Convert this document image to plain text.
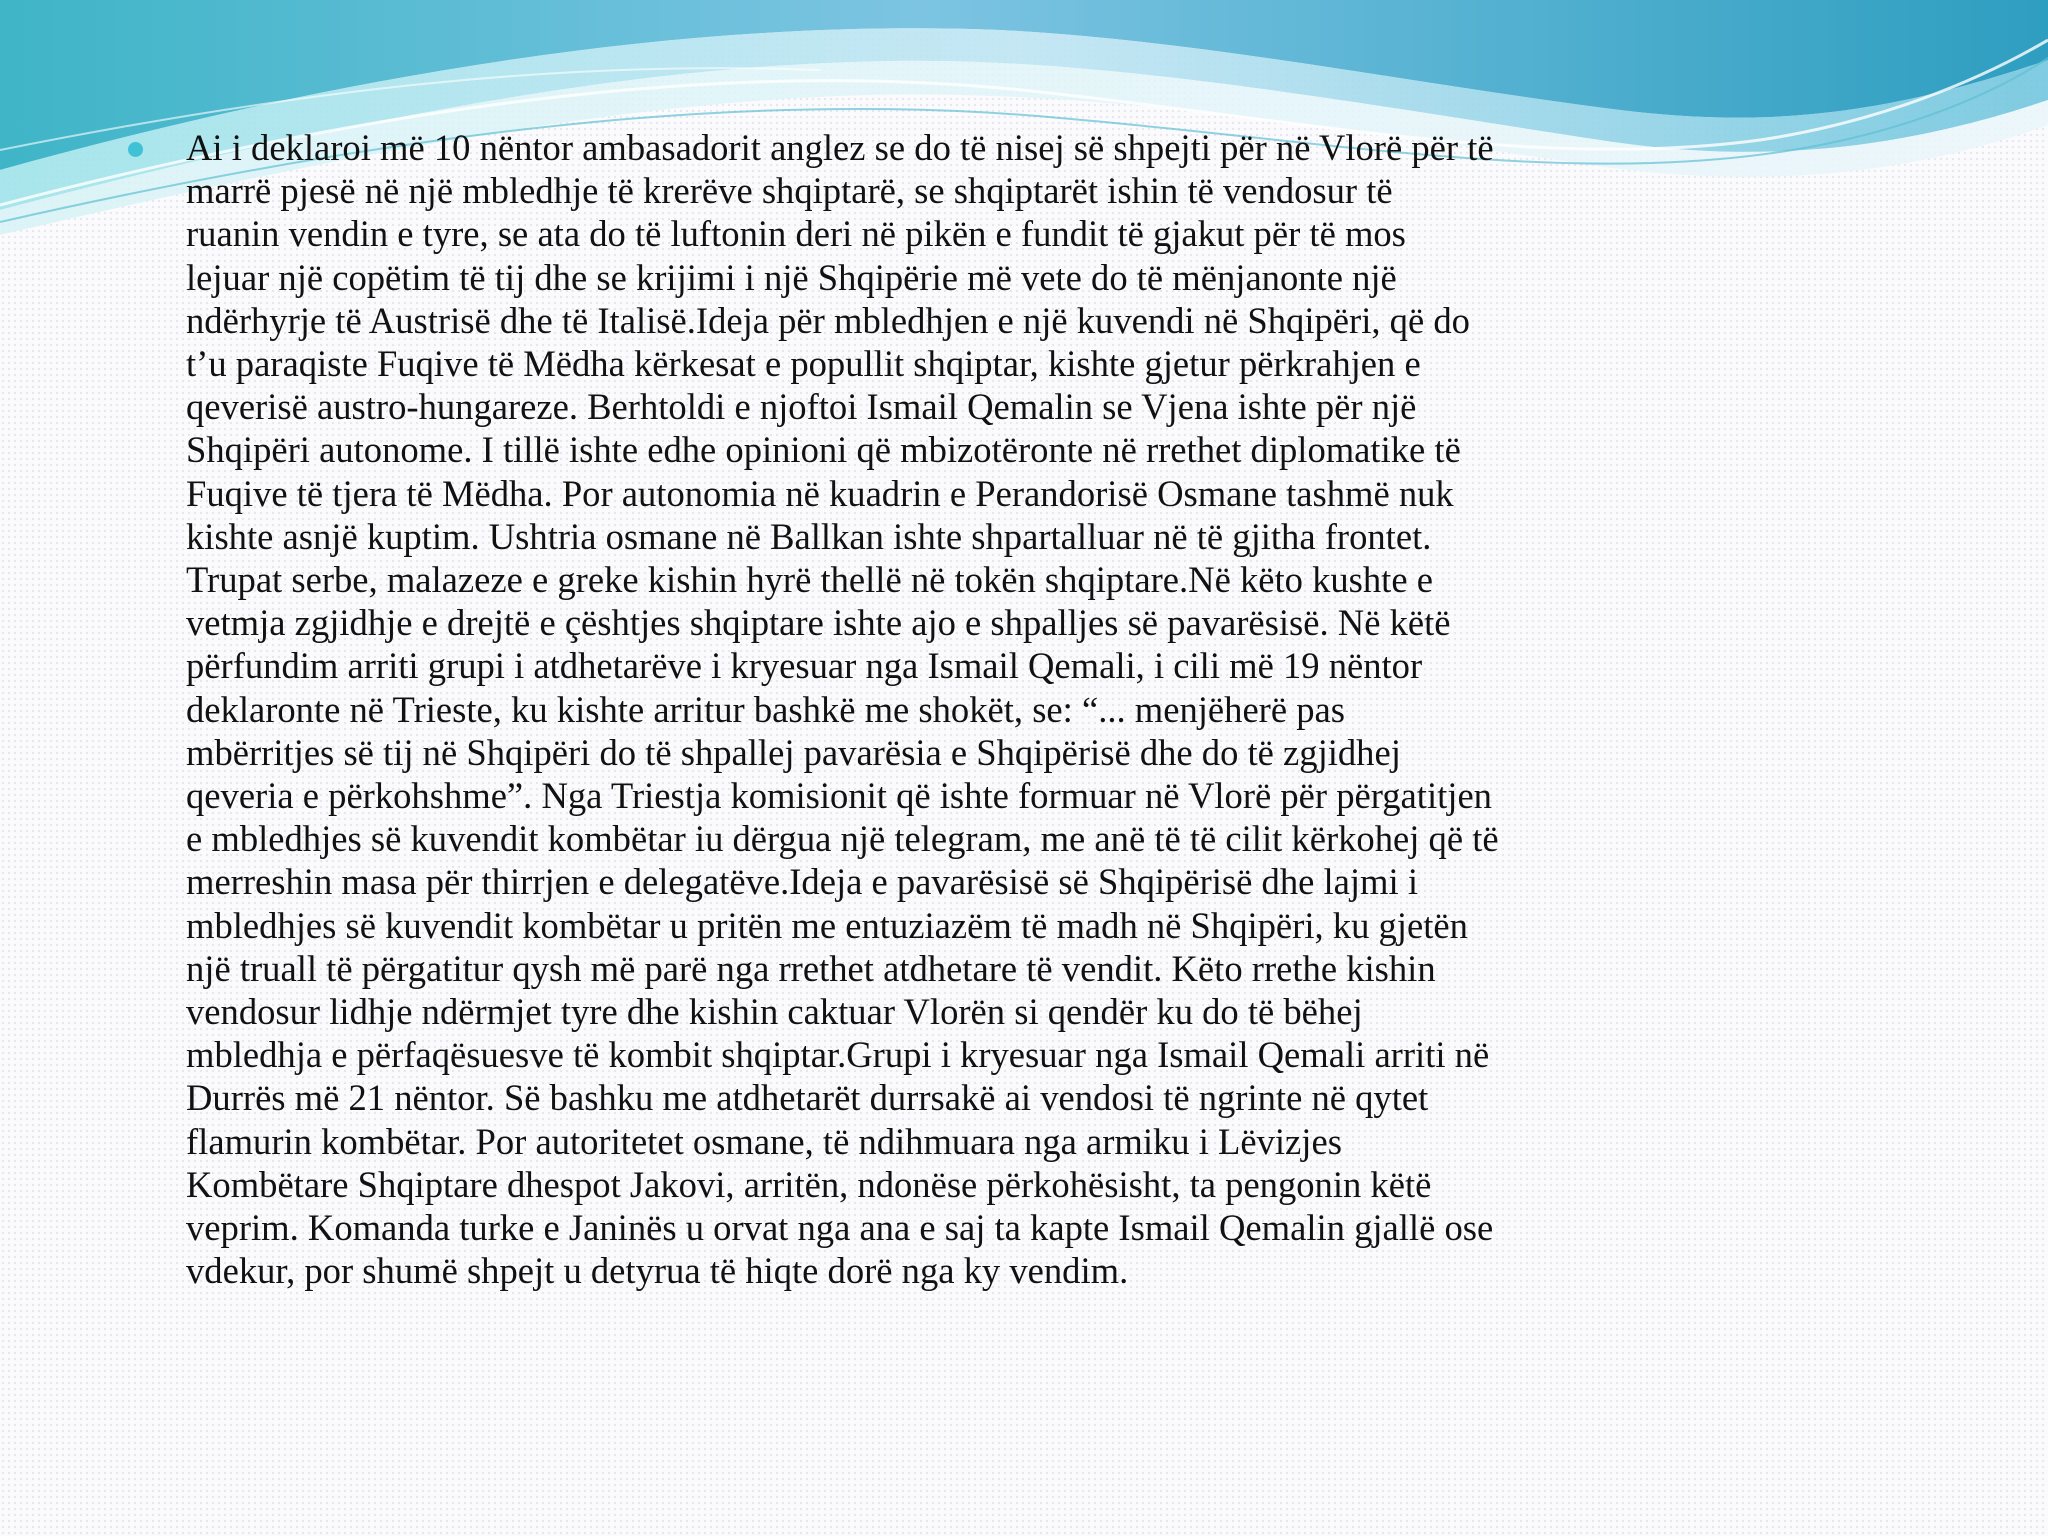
Ai i deklaroi më 10 nëntor ambasadorit anglez se do të nisej së shpejti për në Vlorë për të
marrë pjesë në një mbledhje të krerëve shqiptarë, se shqiptarët ishin të vendosur të
ruanin vendin e tyre, se ata do të luftonin deri në pikën e fundit të gjakut për të mos
lejuar një copëtim të tij dhe se krijimi i një Shqipërie më vete do të mënjanonte një
ndërhyrje të Austrisë dhe të Italisë.Ideja për mbledhjen e një kuvendi në Shqipëri, që do
t’u paraqiste Fuqive të Mëdha kërkesat e popullit shqiptar, kishte gjetur përkrahjen e
qeverisë austro-hungareze. Berhtoldi e njoftoi Ismail Qemalin se Vjena ishte për një
Shqipëri autonome. I tillë ishte edhe opinioni që mbizotëronte në rrethet diplomatike të
Fuqive të tjera të Mëdha. Por autonomia në kuadrin e Perandorisë Osmane tashmë nuk
kishte asnjë kuptim. Ushtria osmane në Ballkan ishte shpartalluar në të gjitha frontet.
Trupat serbe, malazeze e greke kishin hyrë thellë në tokën shqiptare.Në këto kushte e
vetmja zgjidhje e drejtë e çështjes shqiptare ishte ajo e shpalljes së pavarësisë. Në këtë
përfundim arriti grupi i atdhetarëve i kryesuar nga Ismail Qemali, i cili më 19 nëntor
deklaronte në Trieste, ku kishte arritur bashkë me shokët, se: “... menjëherë pas
mbërritjes së tij në Shqipëri do të shpallej pavarësia e Shqipërisë dhe do të zgjidhej
qeveria e përkohshme”. Nga Triestja komisionit që ishte formuar në Vlorë për përgatitjen
e mbledhjes së kuvendit kombëtar iu dërgua një telegram, me anë të të cilit kërkohej që të
merreshin masa për thirrjen e delegatëve.Ideja e pavarësisë së Shqipërisë dhe lajmi i
mbledhjes së kuvendit kombëtar u pritën me entuziazëm të madh në Shqipëri, ku gjetën
një truall të përgatitur qysh më parë nga rrethet atdhetare të vendit. Këto rrethe kishin
vendosur lidhje ndërmjet tyre dhe kishin caktuar Vlorën si qendër ku do të bëhej
mbledhja e përfaqësuesve të kombit shqiptar.Grupi i kryesuar nga Ismail Qemali arriti në
Durrës më 21 nëntor. Së bashku me atdhetarët durrsakë ai vendosi të ngrinte në qytet
flamurin kombëtar. Por autoritetet osmane, të ndihmuara nga armiku i Lëvizjes
Kombëtare Shqiptare dhespot Jakovi, arritën, ndonëse përkohësisht, ta pengonin këtë
veprim. Komanda turke e Janinës u orvat nga ana e saj ta kapte Ismail Qemalin gjallë ose
vdekur, por shumë shpejt u detyrua të hiqte dorë nga ky vendim.
